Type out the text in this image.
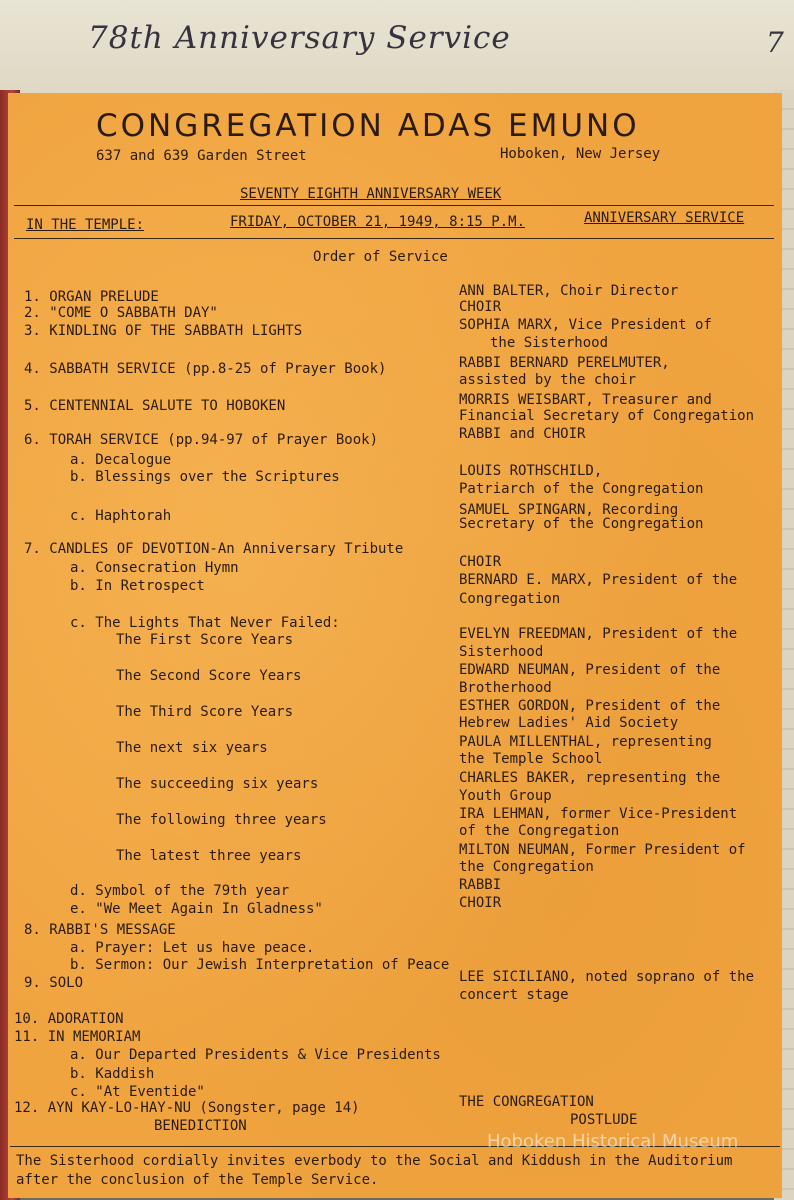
78th Anniversary Service	7
CONGREGATION ADAS EMUNO
637 and 639 Garden Street	Hoboken, New Jersey
SEVENTY EIGHTH ANNIVERSARY WEEK
IN THE TEMPLE:	FRIDAY, OCTOBER 21, 1949, 8:15 P.M.	ANNIVERSARY SERVICE
Order of Service
1. ORGAN PRELUDE	ANN BALTER, Choir Director
2. "COME O SABBATH DAY"	CHOIR
3. KINDLING OF THE SABBATH LIGHTS	SOPHIA MARX, Vice President of
the Sisterhood
4. SABBATH SERVICE (pp.8-25 of Prayer Book)	RABBI BERNARD PERELMUTER,
assisted by the choir
5. CENTENNIAL SALUTE TO HOBOKEN	MORRIS WEISBART, Treasurer and
Financial Secretary of Congregation
6. TORAH SERVICE (pp.94-97 of Prayer Book)	RABBI and CHOIR
a. Decalogue
b. Blessings over the Scriptures	LOUIS ROTHSCHILD,
Patriarch of the Congregation
c. Haphtorah	SAMUEL SPINGARN, Recording
Secretary of the Congregation
7. CANDLES OF DEVOTION-An Anniversary Tribute
a. Consecration Hymn	CHOIR
b. In Retrospect	BERNARD E. MARX, President of the
Congregation
c. The Lights That Never Failed:
The First Score Years	EVELYN FREEDMAN, President of the
Sisterhood
The Second Score Years	EDWARD NEUMAN, President of the
Brotherhood
The Third Score Years	ESTHER GORDON, President of the
Hebrew Ladies' Aid Society
The next six years	PAULA MILLENTHAL, representing
the Temple School
The succeeding six years	CHARLES BAKER, representing the
Youth Group
The following three years	IRA LEHMAN, former Vice-President
of the Congregation
The latest three years	MILTON NEUMAN, Former President of
the Congregation
d. Symbol of the 79th year	RABBI
e. "We Meet Again In Gladness"	CHOIR
8. RABBI'S MESSAGE
a. Prayer: Let us have peace.
b. Sermon: Our Jewish Interpretation of Peace
9. SOLO	LEE SICILIANO, noted soprano of the
concert stage
10. ADORATION
11. IN MEMORIAM
a. Our Departed Presidents & Vice Presidents
b. Kaddish
c. "At Eventide"
12. AYN KAY-LO-HAY-NU (Songster, page 14)	THE CONGREGATION
BENEDICTION	POSTLUDE
The Sisterhood cordially invites everbody to the Social and Kiddush in the Auditorium
after the conclusion of the Temple Service.
Hoboken Historical Museum
